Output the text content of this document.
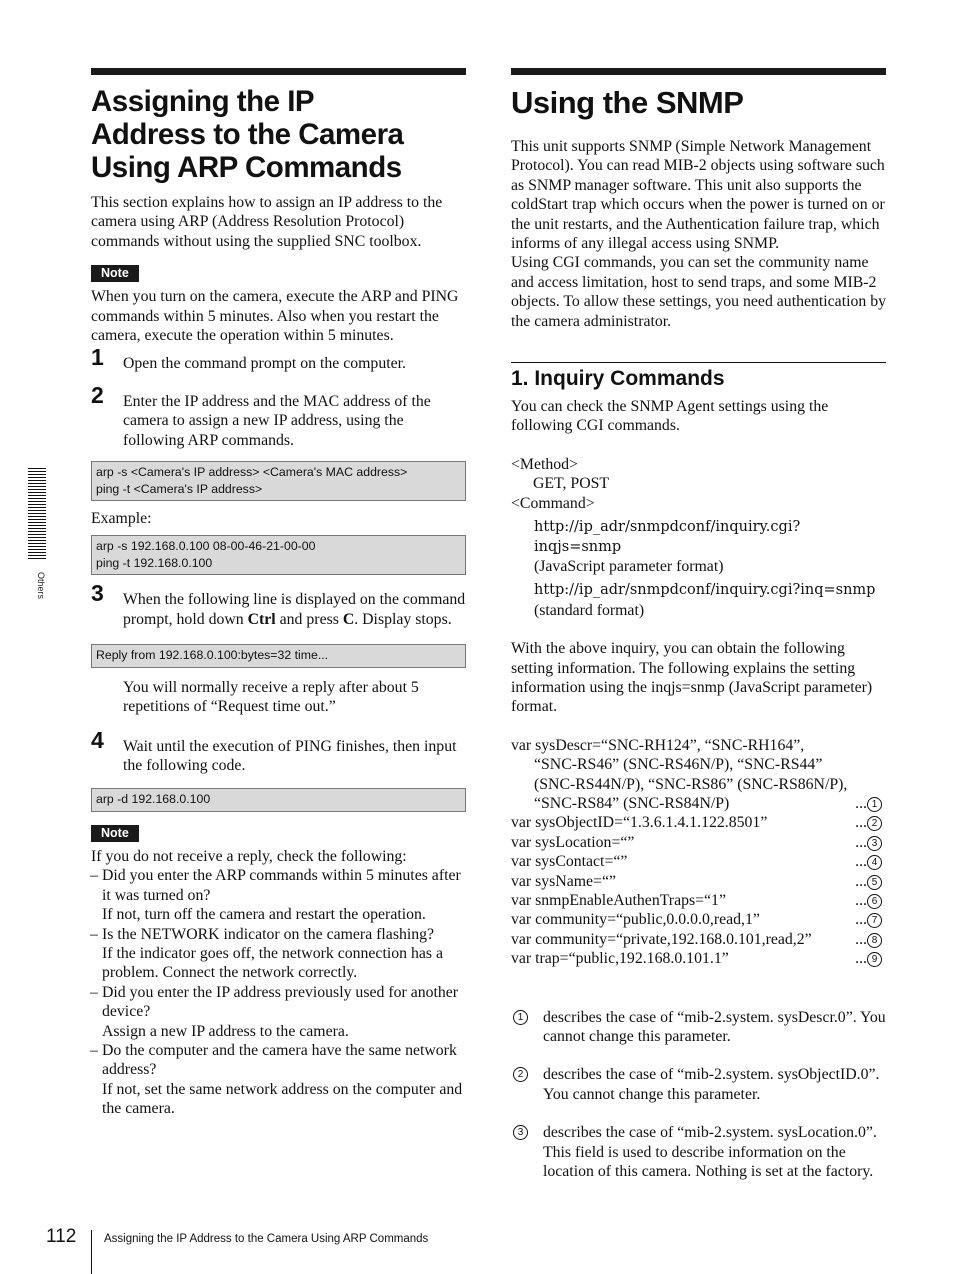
Others
Assigning the IP
Address to the Camera
Using ARP Commands

This section explains how to assign an IP address to the camera using ARP (Address Resolution Protocol) commands without using the supplied SNC toolbox.

Note

When you turn on the camera, execute the ARP and PING commands within 5 minutes. Also when you restart the camera, execute the operation within 5 minutes.

1 Open the command prompt on the computer.
2 Enter the IP address and the MAC address of the camera to assign a new IP address, using the following ARP commands.
arp -s <Camera's IP address> <Camera's MAC address>
ping -t <Camera's IP address>

Example:

arp -s 192.168.0.100 08-00-46-21-00-00
ping -t 192.168.0.100
3 When the following line is displayed on the command prompt, hold down Ctrl and press C. Display stops.
Reply from 192.168.0.100:bytes=32 time...

You will normally receive a reply after about 5 repetitions of “Request time out.”

4 Wait until the execution of PING finishes, then input the following code.
arp -d 192.168.0.100
Note

If you do not receive a reply, check the following:

– Did you enter the ARP commands within 5 minutes after it was turned on?
If not, turn off the camera and restart the operation.
– Is the NETWORK indicator on the camera flashing?
If the indicator goes off, the network connection has a problem. Connect the network correctly.
– Did you enter the IP address previously used for another device?
Assign a new IP address to the camera.
– Do the computer and the camera have the same network address?
If not, set the same network address on the computer and the camera.
Using the SNMP

This unit supports SNMP (Simple Network Management Protocol). You can read MIB-2 objects using software such as SNMP manager software. This unit also supports the coldStart trap which occurs when the power is turned on or the unit restarts, and the Authentication failure trap, which informs of any illegal access using SNMP.

Using CGI commands, you can set the community name and access limitation, host to send traps, and some MIB-2 objects. To allow these settings, you need authentication by the camera administrator.

1. Inquiry Commands

You can check the SNMP Agent settings using the following CGI commands.

<Method>

GET, POST

<Command>

http://ip_adr/snmpdconf/inquiry.cgi?inqjs=snmp

(JavaScript parameter format)

http://ip_adr/snmpdconf/inquiry.cgi?inq=snmp

(standard format)

With the above inquiry, you can obtain the following setting information. The following explains the setting information using the inqjs=snmp (JavaScript parameter) format.

var sysDescr=“SNC-RH124”, “SNC-RH164”,
“SNC-RS46” (SNC-RS46N/P), “SNC-RS44”
(SNC-RS44N/P), “SNC-RS86” (SNC-RS86N/P),
“SNC-RS84” (SNC-RS84N/P)	... 1
var sysObjectID=“1.3.6.1.4.1.122.8501”	... 2
var sysLocation=“”	... 3
var sysContact=“”	... 4
var sysName=“”	... 5
var snmpEnableAuthenTraps=“1”	... 6
var community=“public,0.0.0.0,read,1”	... 7
var community=“private,192.168.0.101,read,2”	... 8
var trap=“public,192.168.0.101.1”	... 9
1 describes the case of “mib-2.system. sysDescr.0”. You cannot change this parameter.
2 describes the case of “mib-2.system. sysObjectID.0”. You cannot change this parameter.
3 describes the case of “mib-2.system. sysLocation.0”. This field is used to describe information on the location of this camera. Nothing is set at the factory.
112 Assigning the IP Address to the Camera Using ARP Commands
